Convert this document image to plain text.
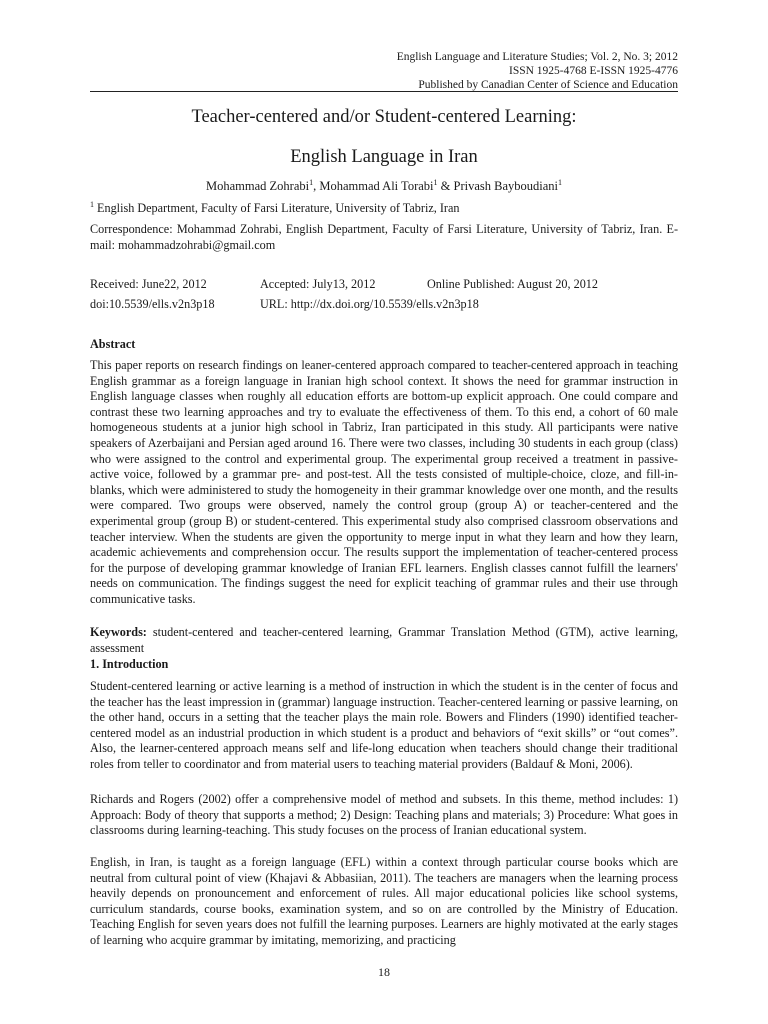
English Language and Literature Studies; Vol. 2, No. 3; 2012
ISSN 1925-4768 E-ISSN 1925-4776
Published by Canadian Center of Science and Education
Teacher-centered and/or Student-centered Learning:
English Language in Iran
Mohammad Zohrabi$^1$, Mohammad Ali Torabi$^1$ & Privash Bayboudiani$^1$
$^1$ English Department, Faculty of Farsi Literature, University of Tabriz, Iran
Correspondence: Mohammad Zohrabi, English Department, Faculty of Farsi Literature, University of Tabriz, Iran. E-mail: mohammadzohrabi@gmail.com
Received: June22, 2012	Accepted: July13, 2012	Online Published: August 20, 2012
doi:10.5539/ells.v2n3p18	URL: http://dx.doi.org/10.5539/ells.v2n3p18
Abstract
This paper reports on research findings on leaner-centered approach compared to teacher-centered approach in teaching English grammar as a foreign language in Iranian high school context. It shows the need for grammar instruction in English language classes when roughly all education efforts are bottom-up explicit approach. One could compare and contrast these two learning approaches and try to evaluate the effectiveness of them. To this end, a cohort of 60 male homogeneous students at a junior high school in Tabriz, Iran participated in this study. All participants were native speakers of Azerbaijani and Persian aged around 16. There were two classes, including 30 students in each group (class) who were assigned to the control and experimental group. The experimental group received a treatment in passive-active voice, followed by a grammar pre- and post-test. All the tests consisted of multiple-choice, cloze, and fill-in-blanks, which were administered to study the homogeneity in their grammar knowledge over one month, and the results were compared. Two groups were observed, namely the control group (group A) or teacher-centered and the experimental group (group B) or student-centered. This experimental study also comprised classroom observations and teacher interview. When the students are given the opportunity to merge input in what they learn and how they learn, academic achievements and comprehension occur. The results support the implementation of teacher-centered process for the purpose of developing grammar knowledge of Iranian EFL learners. English classes cannot fulfill the learners' needs on communication. The findings suggest the need for explicit teaching of grammar rules and their use through communicative tasks.
Keywords: student-centered and teacher-centered learning, Grammar Translation Method (GTM), active learning, assessment
1. Introduction
Student-centered learning or active learning is a method of instruction in which the student is in the center of focus and the teacher has the least impression in (grammar) language instruction. Teacher-centered learning or passive learning, on the other hand, occurs in a setting that the teacher plays the main role. Bowers and Flinders (1990) identified teacher-centered model as an industrial production in which student is a product and behaviors of “exit skills” or “out comes”. Also, the learner-centered approach means self and life-long education when teachers should change their traditional roles from teller to coordinator and from material users to teaching material providers (Baldauf & Moni, 2006).
Richards and Rogers (2002) offer a comprehensive model of method and subsets. In this theme, method includes: 1) Approach: Body of theory that supports a method; 2) Design: Teaching plans and materials; 3) Procedure: What goes in classrooms during learning-teaching. This study focuses on the process of Iranian educational system.
English, in Iran, is taught as a foreign language (EFL) within a context through particular course books which are neutral from cultural point of view (Khajavi & Abbasiian, 2011). The teachers are managers when the learning process heavily depends on pronouncement and enforcement of rules. All major educational policies like school systems, curriculum standards, course books, examination system, and so on are controlled by the Ministry of Education. Teaching English for seven years does not fulfill the learning purposes. Learners are highly motivated at the early stages of learning who acquire grammar by imitating, memorizing, and practicing
18
